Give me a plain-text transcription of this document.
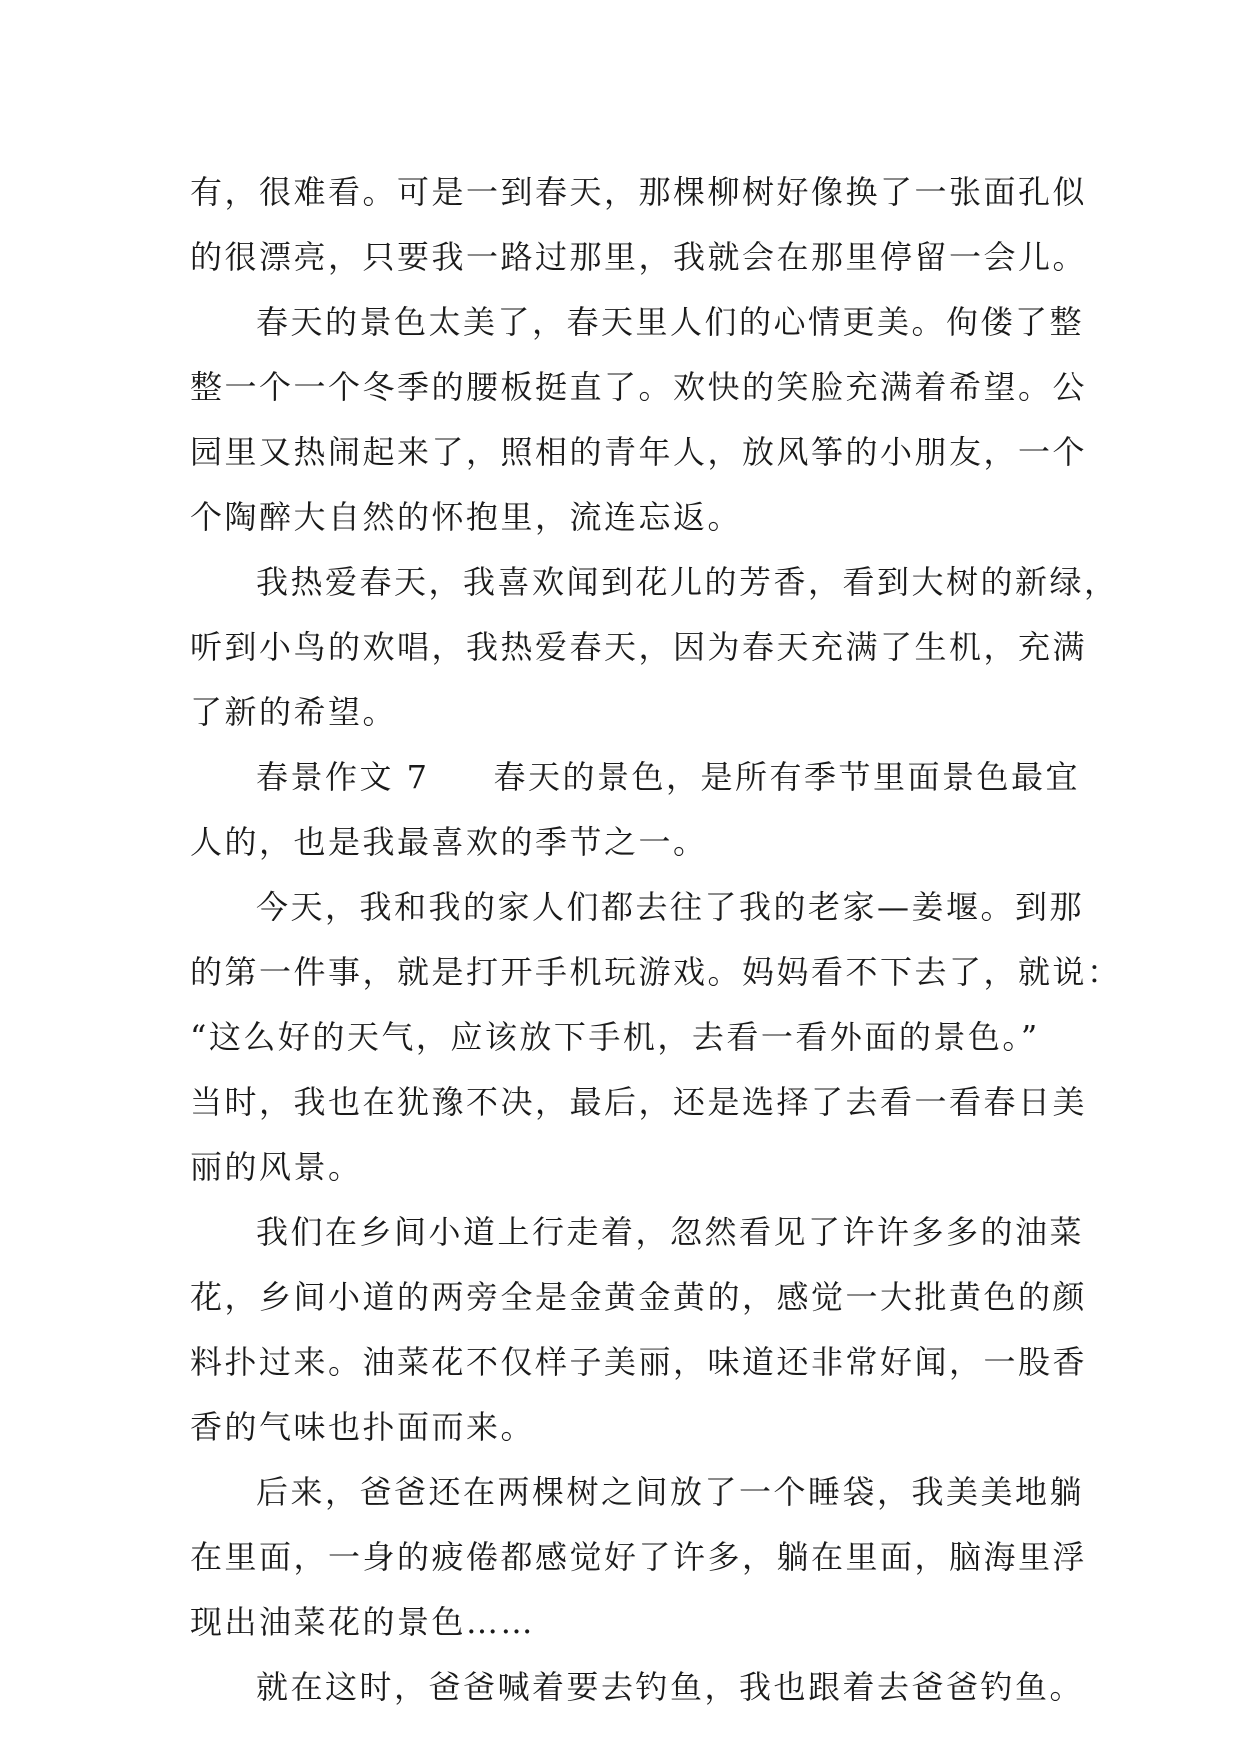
有，很难看。可是一到春天，那棵柳树好像换了一张面孔似
的很漂亮，只要我一路过那里，我就会在那里停留一会儿。
春天的景色太美了，春天里人们的心情更美。佝偻了整
整一个一个冬季的腰板挺直了。欢快的笑脸充满着希望。公
园里又热闹起来了，照相的青年人，放风筝的小朋友，一个
个陶醉大自然的怀抱里，流连忘返。
我热爱春天，我喜欢闻到花儿的芳香，看到大树的新绿，
听到小鸟的欢唱，我热爱春天，因为春天充满了生机，充满
了新的希望。
春景作文 7 春天的景色，是所有季节里面景色最宜
人的，也是我最喜欢的季节之一。
今天，我和我的家人们都去往了我的老家—姜堰。到那
的第一件事，就是打开手机玩游戏。妈妈看不下去了，就说：
“这么好的天气，应该放下手机，去看一看外面的景色。”
当时，我也在犹豫不决，最后，还是选择了去看一看春日美
丽的风景。
我们在乡间小道上行走着，忽然看见了许许多多的油菜
花，乡间小道的两旁全是金黄金黄的，感觉一大批黄色的颜
料扑过来。油菜花不仅样子美丽，味道还非常好闻，一股香
香的气味也扑面而来。
后来，爸爸还在两棵树之间放了一个睡袋，我美美地躺
在里面，一身的疲倦都感觉好了许多，躺在里面，脑海里浮
现出油菜花的景色……
就在这时，爸爸喊着要去钓鱼，我也跟着去爸爸钓鱼。
